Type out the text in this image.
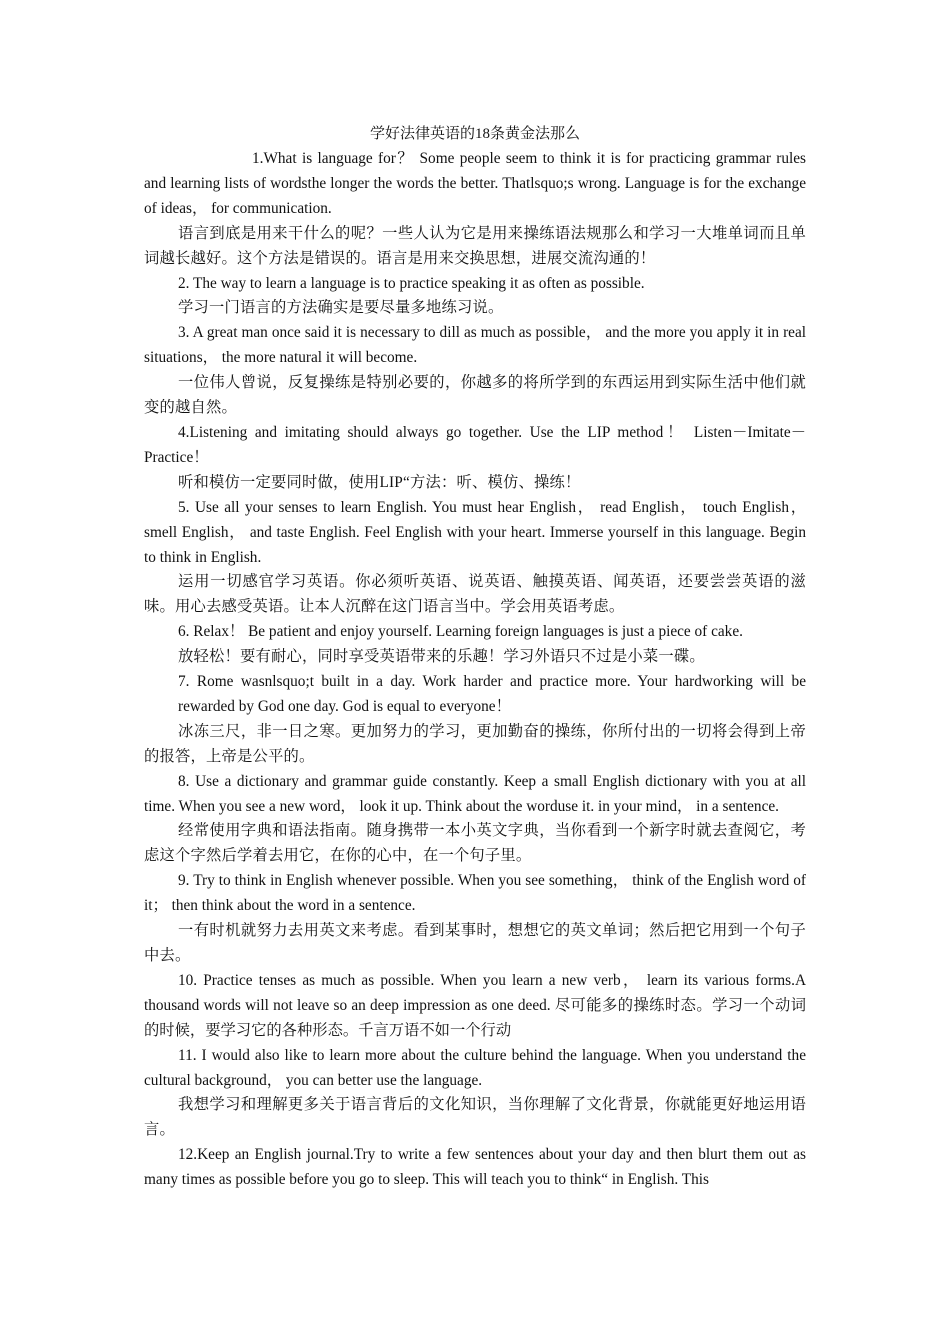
学好法律英语的18条黄金法那么

1.What is language for？ Some people seem to think it is for practicing grammar rules and learning lists of wordsthe longer the words the better. Thatlsquo;s wrong. Language is for the exchange of ideas， for communication.

语言到底是用来干什么的呢？一些人认为它是用来操练语法规那么和学习一大堆单词而且单词越长越好。这个方法是错误的。语言是用来交换思想，进展交流沟通的！

2. The way to learn a language is to practice speaking it as often as possible.

学习一门语言的方法确实是要尽量多地练习说。

3. A great man once said it is necessary to dill as much as possible， and the more you apply it in real situations， the more natural it will become.

一位伟人曾说，反复操练是特别必要的，你越多的将所学到的东西运用到实际生活中他们就变的越自然。

4.Listening and imitating should always go together. Use the LIP method！ Listen－Imitate－Practice！

听和模仿一定要同时做，使用LIP“方法：听、模仿、操练！

5. Use all your senses to learn English. You must hear English， read English， touch English， smell English， and taste English. Feel English with your heart. Immerse yourself in this language. Begin to think in English.

运用一切感官学习英语。你必须听英语、说英语、触摸英语、闻英语，还要尝尝英语的滋味。用心去感受英语。让本人沉醉在这门语言当中。学会用英语考虑。

6. Relax！ Be patient and enjoy yourself. Learning foreign languages is just a piece of cake.

放轻松！要有耐心，同时享受英语带来的乐趣！学习外语只不过是小菜一碟。

7. Rome wasnlsquo;t built in a day. Work harder and practice more. Your hardworking will be rewarded by God one day. God is equal to everyone！

冰冻三尺，非一日之寒。更加努力的学习，更加勤奋的操练，你所付出的一切将会得到上帝的报答，上帝是公平的。

8. Use a dictionary and grammar guide constantly. Keep a small English dictionary with you at all time. When you see a new word， look it up. Think about the worduse it. in your mind， in a sentence.

经常使用字典和语法指南。随身携带一本小英文字典，当你看到一个新字时就去查阅它，考虑这个字然后学着去用它，在你的心中，在一个句子里。

9. Try to think in English whenever possible. When you see something， think of the English word of it； then think about the word in a sentence.

一有时机就努力去用英文来考虑。看到某事时，想想它的英文单词；然后把它用到一个句子中去。

10. Practice tenses as much as possible. When you learn a new verb， learn its various forms.A thousand words will not leave so an deep impression as one deed. 尽可能多的操练时态。学习一个动词的时候，要学习它的各种形态。千言万语不如一个行动

11. I would also like to learn more about the culture behind the language. When you understand the cultural background， you can better use the language.

我想学习和理解更多关于语言背后的文化知识，当你理解了文化背景，你就能更好地运用语言。

12.Keep an English journal.Try to write a few sentences about your day and then blurt them out as many times as possible before you go to sleep. This will teach you to think“ in English. This
